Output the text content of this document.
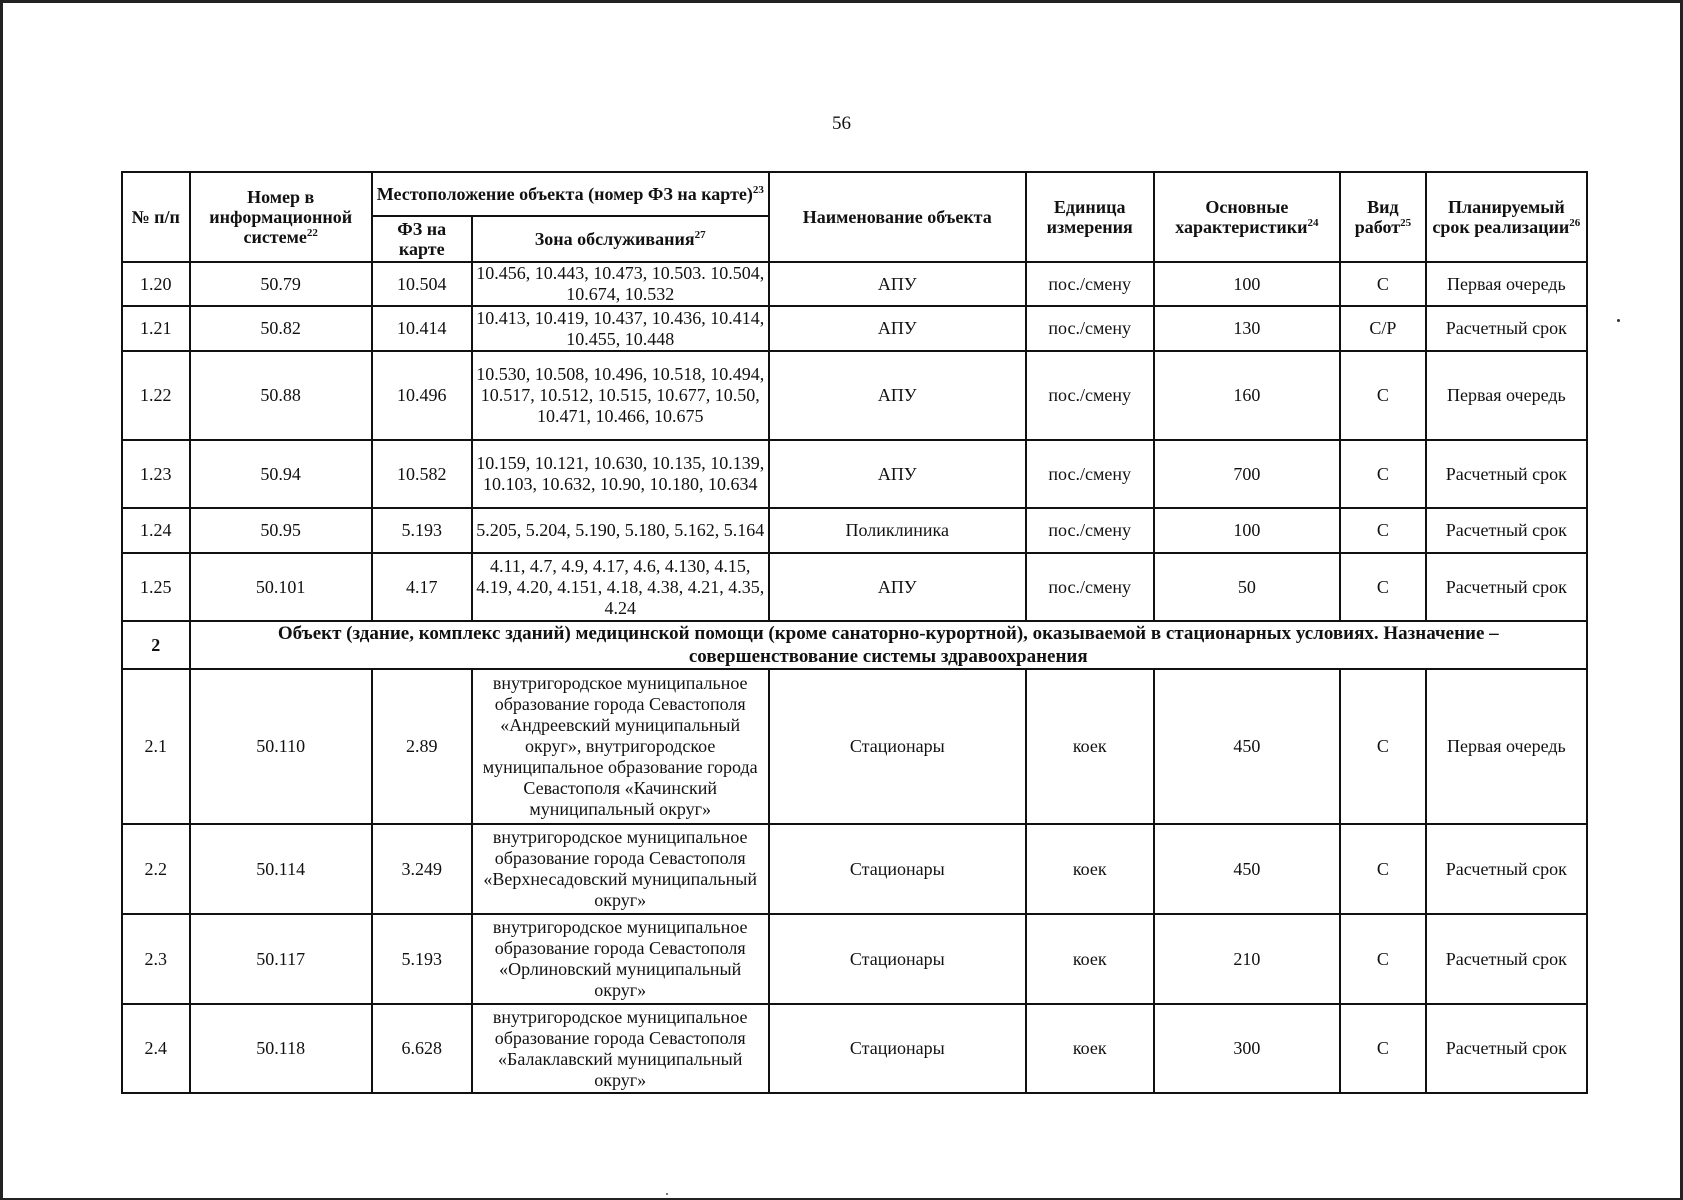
56
№ п/п	Номер в информационной системе$^{22}$	Местоположение объекта (номер ФЗ на карте)$^{23}$		Наименование объекта	Единица измерения	Основные характеристики$^{24}$	Вид работ$^{25}$	Планируемый срок реализации$^{26}$
		ФЗ на карте	Зона обслуживания$^{27}$
1.20	50.79	10.504	10.456, 10.443, 10.473, 10.503. 10.504, 10.674, 10.532	АПУ	пос./смену	100	С	Первая очередь
1.21	50.82	10.414	10.413, 10.419, 10.437, 10.436, 10.414, 10.455, 10.448	АПУ	пос./смену	130	С/Р	Расчетный срок
1.22	50.88	10.496	10.530, 10.508, 10.496, 10.518, 10.494, 10.517, 10.512, 10.515, 10.677, 10.50, 10.471, 10.466, 10.675	АПУ	пос./смену	160	С	Первая очередь
1.23	50.94	10.582	10.159, 10.121, 10.630, 10.135, 10.139, 10.103, 10.632, 10.90, 10.180, 10.634	АПУ	пос./смену	700	С	Расчетный срок
1.24	50.95	5.193	5.205, 5.204, 5.190, 5.180, 5.162, 5.164	Поликлиника	пос./смену	100	С	Расчетный срок
1.25	50.101	4.17	4.11, 4.7, 4.9, 4.17, 4.6, 4.130, 4.15, 4.19, 4.20, 4.151, 4.18, 4.38, 4.21, 4.35, 4.24	АПУ	пос./смену	50	С	Расчетный срок
2	Объект (здание, комплекс зданий) медицинской помощи (кроме санаторно-курортной), оказываемой в стационарных условиях. Назначение – совершенствование системы здравоохранения							
2.1	50.110	2.89	внутригородское муниципальное образование города Севастополя «Андреевский муниципальный округ», внутригородское муниципальное образование города Севастополя «Качинский муниципальный округ»	Стационары	коек	450	С	Первая очередь
2.2	50.114	3.249	внутригородское муниципальное образование города Севастополя «Верхнесадовский муниципальный округ»	Стационары	коек	450	С	Расчетный срок
2.3	50.117	5.193	внутригородское муниципальное образование города Севастополя «Орлиновский муниципальный округ»	Стационары	коек	210	С	Расчетный срок
2.4	50.118	6.628	внутригородское муниципальное образование города Севастополя «Балаклавский муниципальный округ»	Стационары	коек	300	С	Расчетный срок
